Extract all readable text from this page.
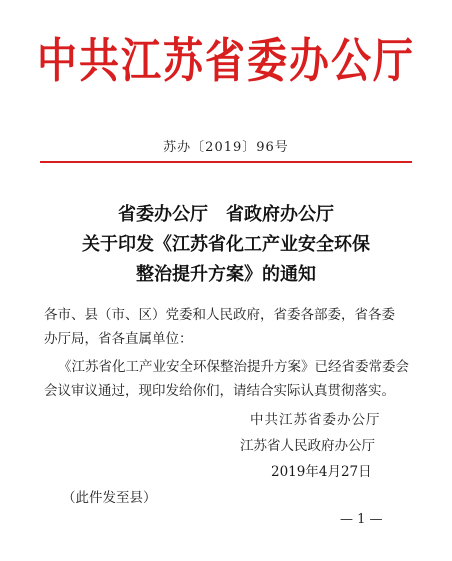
中共江苏省委办公厅
苏办〔2019〕96号
省委办公厅　省政府办公厅
关于印发《江苏省化工产业安全环保
整治提升方案》的通知
各市、县（市、区）党委和人民政府，省委各部委，省各委
办厅局，省各直属单位：
《江苏省化工产业安全环保整治提升方案》已经省委常委会
会议审议通过，现印发给你们，请结合实际认真贯彻落实。
中共江苏省委办公厅
江苏省人民政府办公厅
2019年4月27日
（此件发至县）
— 1 —
